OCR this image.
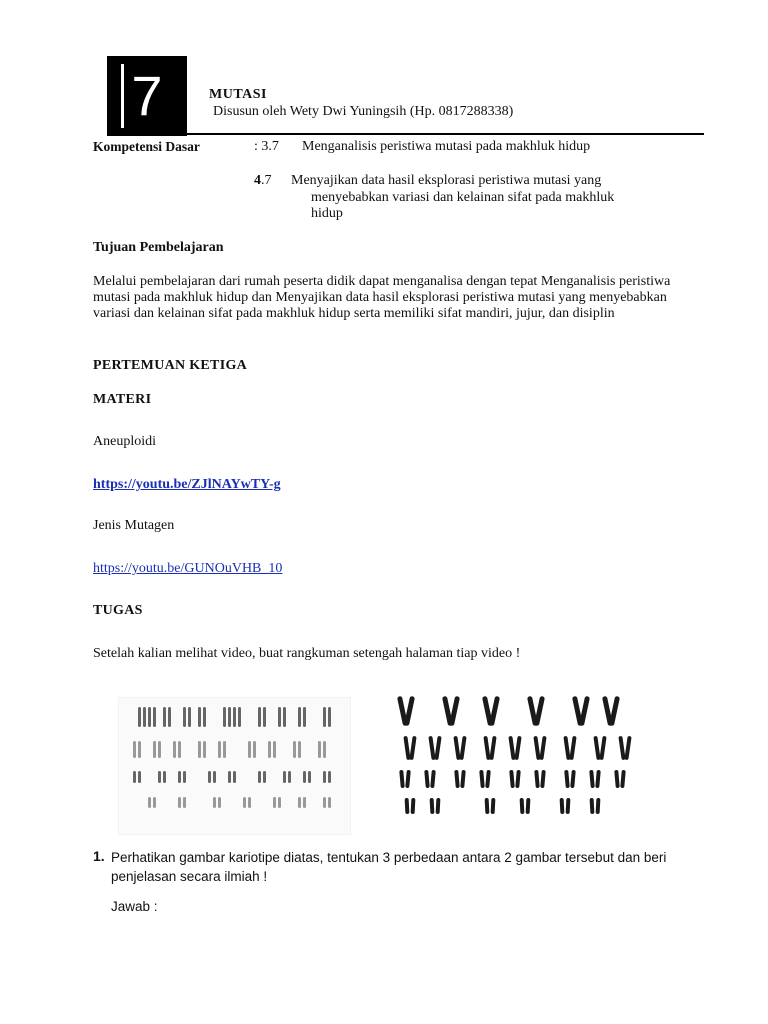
7	MUTASI
Disusun oleh Wety Dwi Yuningsih (Hp. 0817288338)
Kompetensi Dasar	: 3.7 Menganalisis peristiwa mutasi pada makhluk hidup
4.7 Menyajikan data hasil eksplorasi peristiwa mutasi yang
menyebabkan variasi dan kelainan sifat pada makhluk
hidup
Tujuan Pembelajaran
Melalui pembelajaran dari rumah peserta didik dapat menganalisa dengan tepat Menganalisis peristiwa mutasi pada makhluk hidup dan Menyajikan data hasil eksplorasi peristiwa mutasi yang menyebabkan variasi dan kelainan sifat pada makhluk hidup serta memiliki sifat mandiri, jujur, dan disiplin
PERTEMUAN KETIGA
MATERI
Aneuploidi
https://youtu.be/ZJlNAYwTY-g
Jenis Mutagen
https://youtu.be/GUNOuVHB_10
TUGAS
Setelah kalian melihat video, buat rangkuman setengah halaman tiap video !
1. Perhatikan gambar kariotipe diatas, tentukan 3 perbedaan antara 2 gambar tersebut dan beri penjelasan secara ilmiah !
Jawab :
